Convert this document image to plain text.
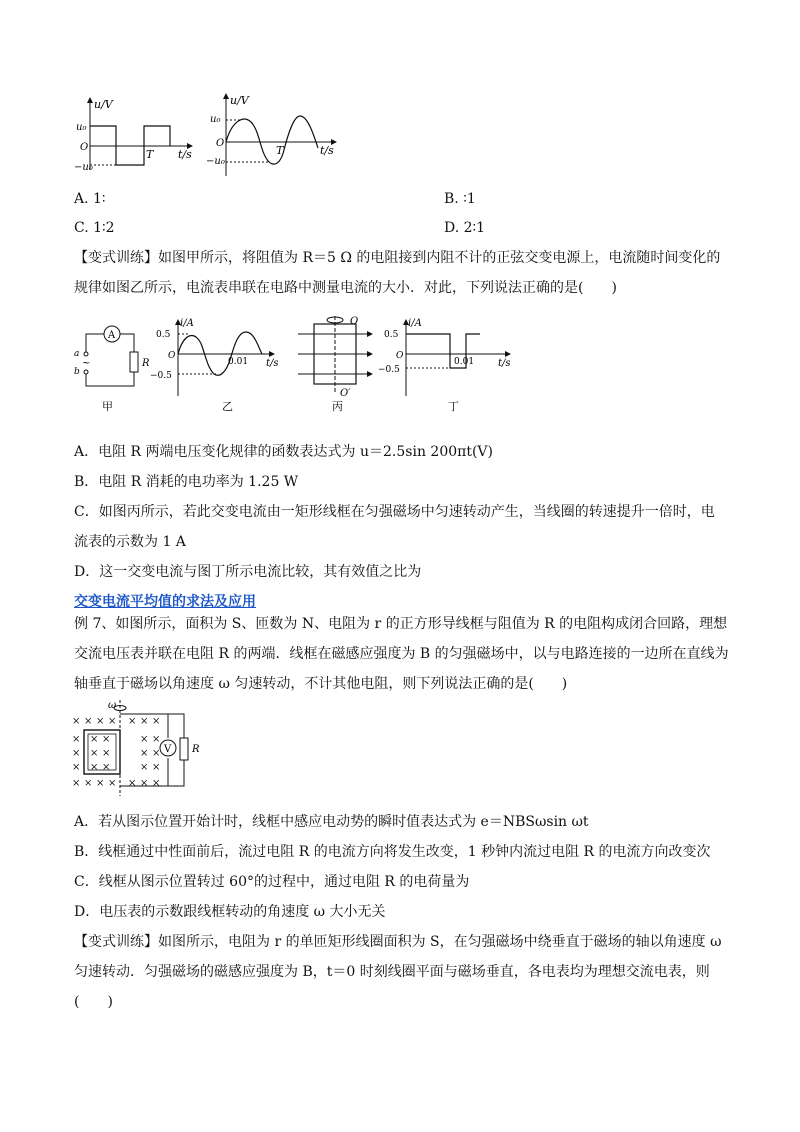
u/V
u₀
O
−u₀
T t/s
u/V
u₀
O
−u₀
T	t/s
A. 1∶	B. ∶1
C. 1∶2	D. 2∶1
【变式训练】如图甲所示，将阻值为 R＝5 Ω 的电阻接到内阻不计的正弦交变电源上，电流随时间变化的
规律如图乙所示，电流表串联在电路中测量电流的大小．对此，下列说法正确的是(　　)
A
a
b
~	R
甲
i/A
0.5
O
−0.5
0.01 t/s
乙
O
O′
丙
i/A
0.5
O
−0.5
0.01 t/s
丁
A．电阻 R 两端电压变化规律的函数表达式为 u＝2.5sin 200πt(V)
B．电阻 R 消耗的电功率为 1.25 W
C．如图丙所示，若此交变电流由一矩形线框在匀强磁场中匀速转动产生，当线圈的转速提升一倍时，电
流表的示数为 1 A
D．这一交变电流与图丁所示电流比较，其有效值之比为
交变电流平均值的求法及应用
例 7、如图所示，面积为 S、匝数为 N、电阻为 r 的正方形导线框与阻值为 R 的电阻构成闭合回路，理想
交流电压表并联在电阻 R 的两端．线框在磁感应强度为 B 的匀强磁场中，以与电路连接的一边所在直线为
轴垂直于磁场以角速度 ω 匀速转动，不计其他电阻，则下列说法正确的是(　　)
× × × × × × ×
×	× ×
×	× ×
×	× ×
× × × × × × ×
× ×
× ×
× ×
ω
V R
A．若从图示位置开始计时，线框中感应电动势的瞬时值表达式为 e＝NBSωsin ωt
B．线框通过中性面前后，流过电阻 R 的电流方向将发生改变，1 秒钟内流过电阻 R 的电流方向改变次
C．线框从图示位置转过 60°的过程中，通过电阻 R 的电荷量为
D．电压表的示数跟线框转动的角速度 ω 大小无关
【变式训练】如图所示，电阻为 r 的单匝矩形线圈面积为 S，在匀强磁场中绕垂直于磁场的轴以角速度 ω
匀速转动．匀强磁场的磁感应强度为 B，t＝0 时刻线圈平面与磁场垂直，各电表均为理想交流电表，则
(　　)
